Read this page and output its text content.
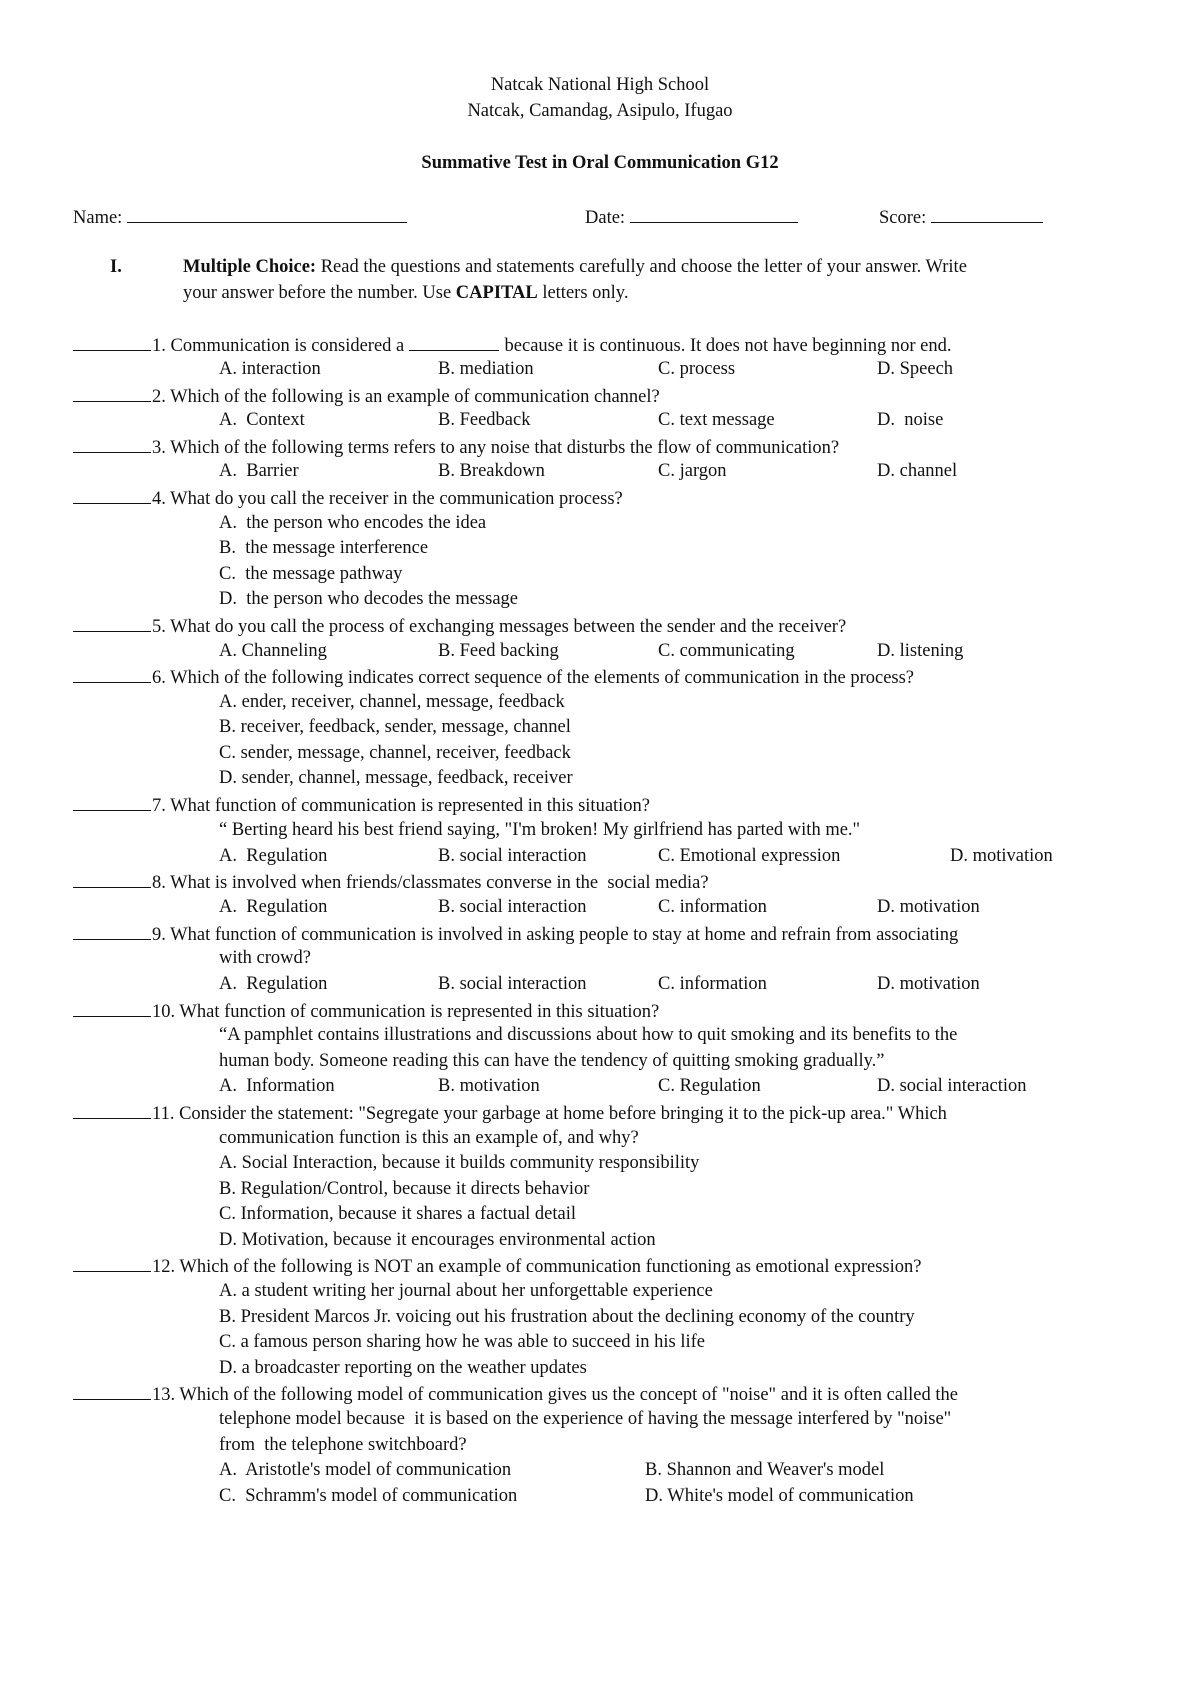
Natcak National High School
Natcak, Camandag, Asipulo, Ifugao
Summative Test in Oral Communication G12
Name:	Date:	Score:
I.	Multiple Choice: Read the questions and statements carefully and choose the letter of your answer. Write
your answer before the number. Use CAPITAL letters only.
1. Communication is considered a	because it is continuous. It does not have beginning nor end.
A. interaction	B. mediation	C. process	D. Speech
2. Which of the following is an example of communication channel?
A.  Context	B. Feedback	C. text message	D.  noise
3. Which of the following terms refers to any noise that disturbs the flow of communication?
A.  Barrier	B. Breakdown	C. jargon	D. channel
4. What do you call the receiver in the communication process?
A.  the person who encodes the idea
B.  the message interference
C.  the message pathway
D.  the person who decodes the message
5. What do you call the process of exchanging messages between the sender and the receiver?
A. Channeling	B. Feed backing	C. communicating	D. listening
6. Which of the following indicates correct sequence of the elements of communication in the process?
A. ender, receiver, channel, message, feedback
B. receiver, feedback, sender, message, channel
C. sender, message, channel, receiver, feedback
D. sender, channel, message, feedback, receiver
7. What function of communication is represented in this situation?
“ Berting heard his best friend saying, "I'm broken! My girlfriend has parted with me."
A.  Regulation	B. social interaction	C. Emotional expression	D. motivation
8. What is involved when friends/classmates converse in the  social media?
A.  Regulation	B. social interaction	C. information	D. motivation
9. What function of communication is involved in asking people to stay at home and refrain from associating
with crowd?
A.  Regulation	B. social interaction	C. information	D. motivation
10. What function of communication is represented in this situation?
“A pamphlet contains illustrations and discussions about how to quit smoking and its benefits to the
human body. Someone reading this can have the tendency of quitting smoking gradually.”
A.  Information	B. motivation	C. Regulation	D. social interaction
11. Consider the statement: "Segregate your garbage at home before bringing it to the pick-up area." Which
communication function is this an example of, and why?
A. Social Interaction, because it builds community responsibility
B. Regulation/Control, because it directs behavior
C. Information, because it shares a factual detail
D. Motivation, because it encourages environmental action
12. Which of the following is NOT an example of communication functioning as emotional expression?
A. a student writing her journal about her unforgettable experience
B. President Marcos Jr. voicing out his frustration about the declining economy of the country
C. a famous person sharing how he was able to succeed in his life
D. a broadcaster reporting on the weather updates
13. Which of the following model of communication gives us the concept of "noise" and it is often called the
telephone model because  it is based on the experience of having the message interfered by "noise"
from  the telephone switchboard?
A.  Aristotle's model of communication	B. Shannon and Weaver's model
C.  Schramm's model of communication	D. White's model of communication
